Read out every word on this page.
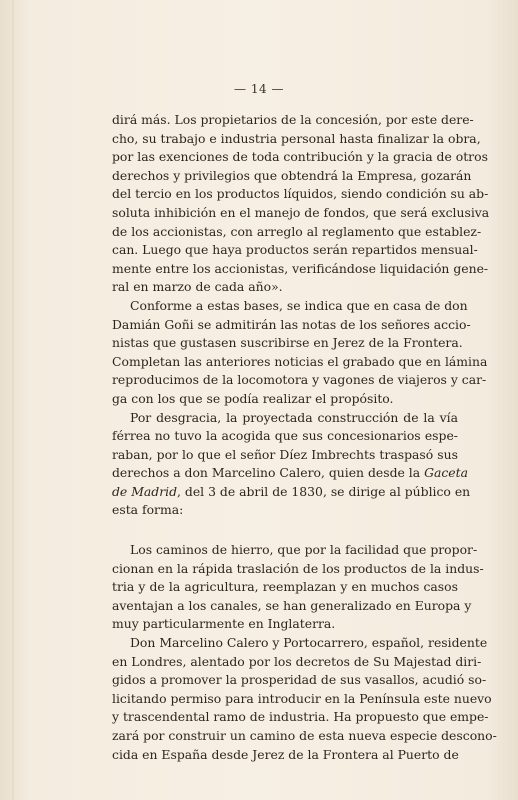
— 14 —
dirá más. Los propietarios de la concesión, por este dere-
cho, su trabajo e industria personal hasta finalizar la obra,
por las exenciones de toda contribución y la gracia de otros
derechos y privilegios que obtendrá la Empresa, gozarán
del tercio en los productos líquidos, siendo condición su ab-
soluta inhibición en el manejo de fondos, que será exclusiva
de los accionistas, con arreglo al reglamento que establez-
can. Luego que haya productos serán repartidos mensual-
mente entre los accionistas, verificándose liquidación gene-
ral en marzo de cada año».
Conforme a estas bases, se indica que en casa de don
Damián Goñi se admitirán las notas de los señores accio-
nistas que gustasen suscribirse en Jerez de la Frontera.
Completan las anteriores noticias el grabado que en lámina
reproducimos de la locomotora y vagones de viajeros y car-
ga con los que se podía realizar el propósito.
Por desgracia, la proyectada construcción de la vía
férrea no tuvo la acogida que sus concesionarios espe-
raban, por lo que el señor Díez Imbrechts traspasó sus
derechos a don Marcelino Calero, quien desde la Gaceta
de Madrid, del 3 de abril de 1830, se dirige al público en
esta forma:
Los caminos de hierro, que por la facilidad que propor-
cionan en la rápida traslación de los productos de la indus-
tria y de la agricultura, reemplazan y en muchos casos
aventajan a los canales, se han generalizado en Europa y
muy particularmente en Inglaterra.
Don Marcelino Calero y Portocarrero, español, residente
en Londres, alentado por los decretos de Su Majestad diri-
gidos a promover la prosperidad de sus vasallos, acudió so-
licitando permiso para introducir en la Península este nuevo
y trascendental ramo de industria. Ha propuesto que empe-
zará por construir un camino de esta nueva especie descono-
cida en España desde Jerez de la Frontera al Puerto de
